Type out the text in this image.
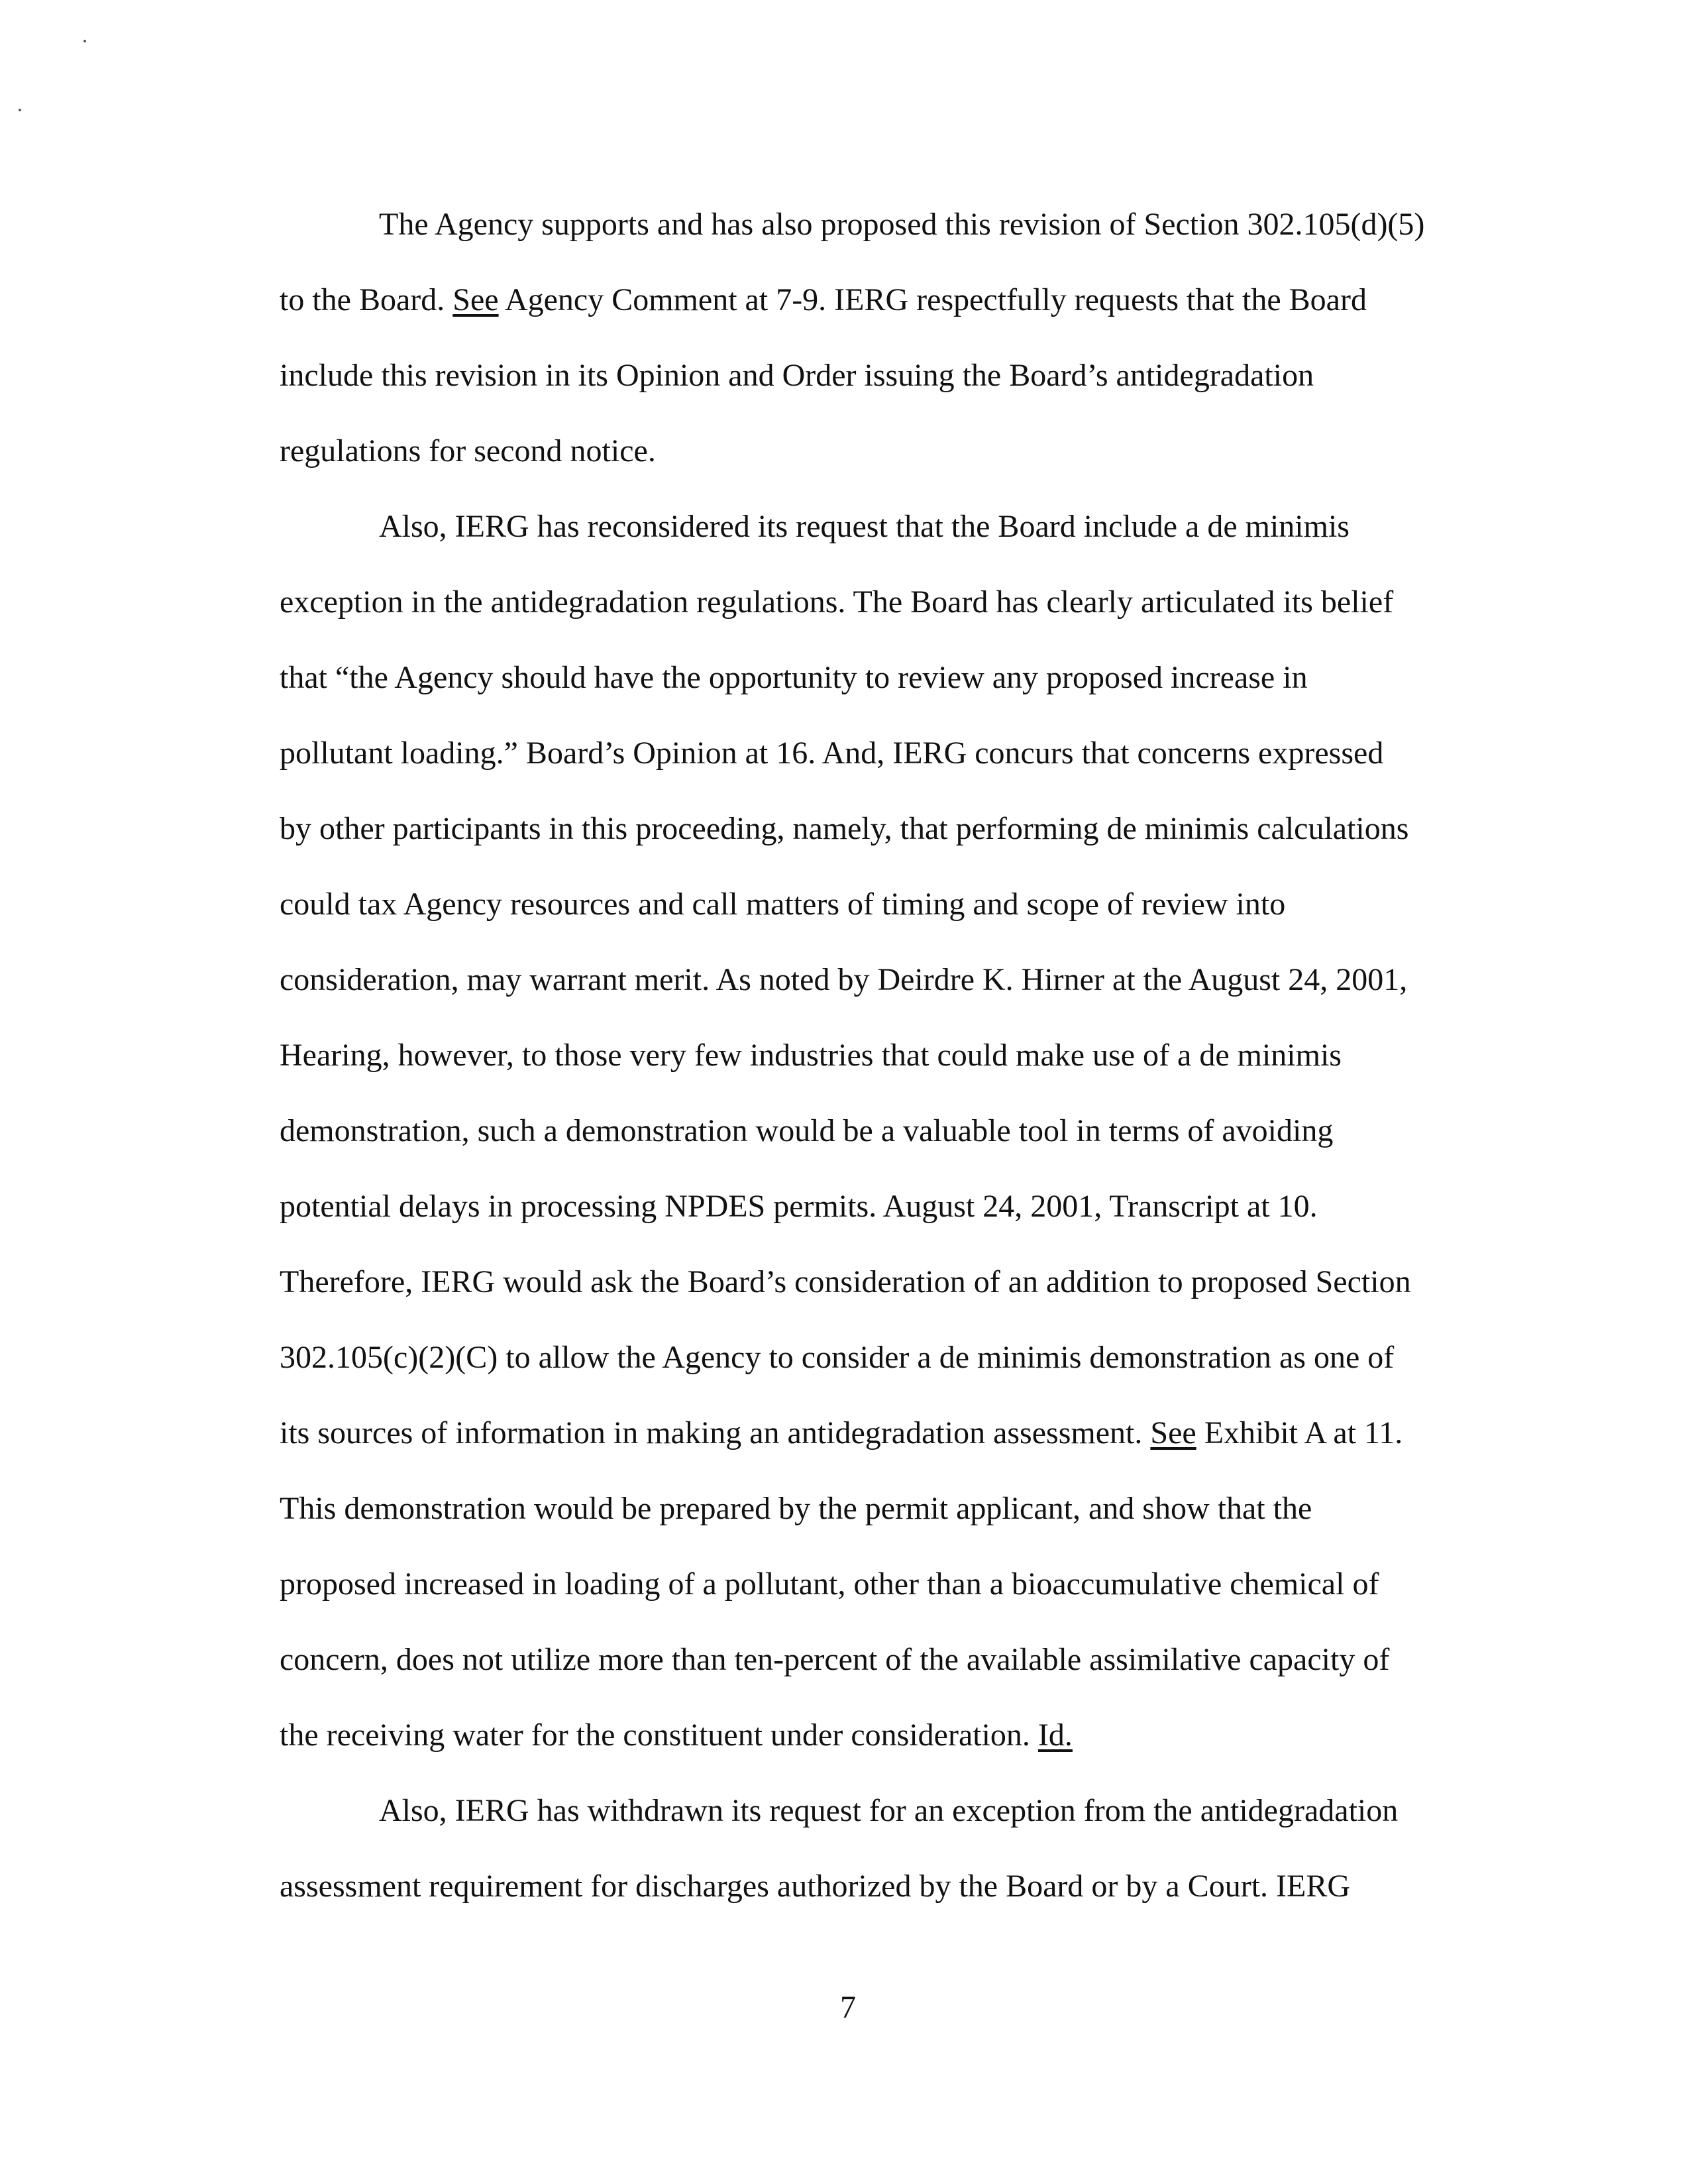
The Agency supports and has also proposed this revision of Section 302.105(d)(5)
to the Board. See Agency Comment at 7-9. IERG respectfully requests that the Board
include this revision in its Opinion and Order issuing the Board’s antidegradation
regulations for second notice.
Also, IERG has reconsidered its request that the Board include a de minimis
exception in the antidegradation regulations. The Board has clearly articulated its belief
that “the Agency should have the opportunity to review any proposed increase in
pollutant loading.” Board’s Opinion at 16. And, IERG concurs that concerns expressed
by other participants in this proceeding, namely, that performing de minimis calculations
could tax Agency resources and call matters of timing and scope of review into
consideration, may warrant merit. As noted by Deirdre K. Hirner at the August 24, 2001,
Hearing, however, to those very few industries that could make use of a de minimis
demonstration, such a demonstration would be a valuable tool in terms of avoiding
potential delays in processing NPDES permits. August 24, 2001, Transcript at 10.
Therefore, IERG would ask the Board’s consideration of an addition to proposed Section
302.105(c)(2)(C) to allow the Agency to consider a de minimis demonstration as one of
its sources of information in making an antidegradation assessment. See Exhibit A at 11.
This demonstration would be prepared by the permit applicant, and show that the
proposed increased in loading of a pollutant, other than a bioaccumulative chemical of
concern, does not utilize more than ten-percent of the available assimilative capacity of
the receiving water for the constituent under consideration. Id.
Also, IERG has withdrawn its request for an exception from the antidegradation
assessment requirement for discharges authorized by the Board or by a Court. IERG
7
